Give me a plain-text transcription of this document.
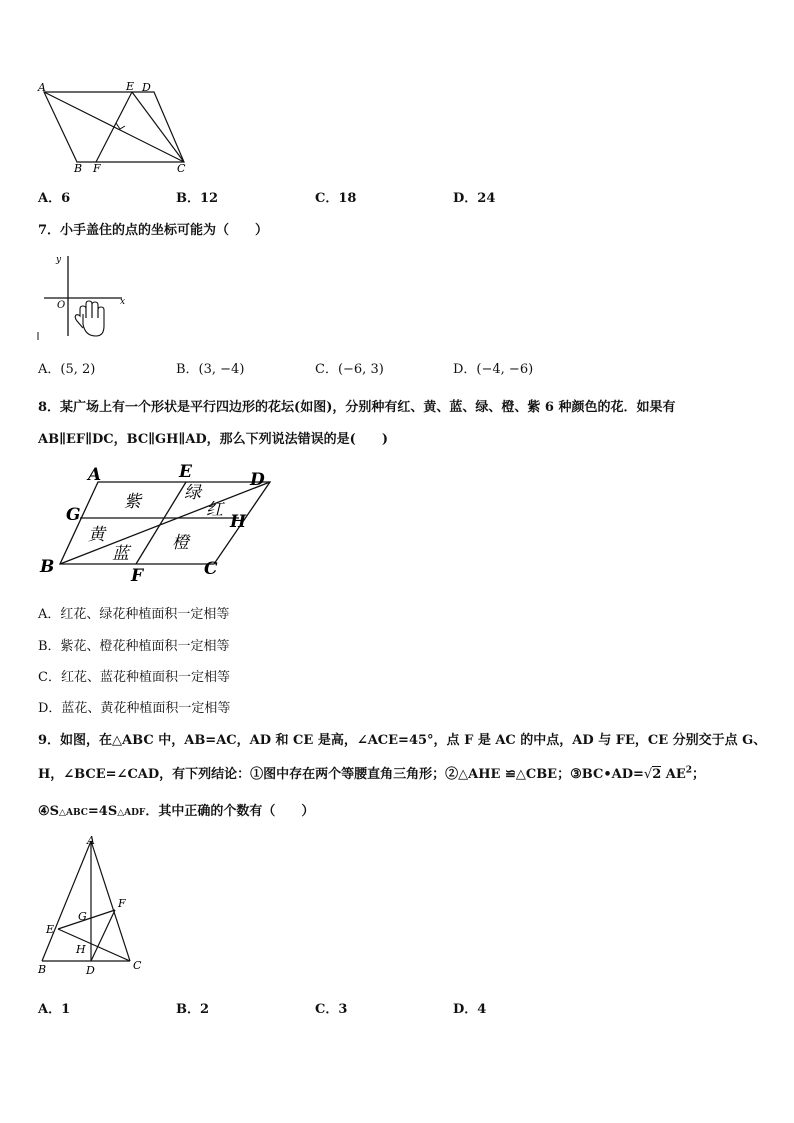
A	E D
B F	C
A．6	B．12	C．18	D．24
7．小手盖住的点的坐标可能为（　　）
y
x
O
A．(5, 2)	B．(3, −4)	C．(−6, 3)	D．(−4, −6)
8．某广场上有一个形状是平行四边形的花坛(如图)，分别种有红、黄、蓝、绿、橙、紫 6 种颜色的花．如果有
AB∥EF∥DC，BC∥GH∥AD，那么下列说法错误的是(　　)
A	E	D
G	H
B	F	C
紫	绿
红
黄
蓝
橙
A．红花、绿花种植面积一定相等
B．紫花、橙花种植面积一定相等
C．红花、蓝花种植面积一定相等
D．蓝花、黄花种植面积一定相等
9．如图，在△ABC 中，AB=AC，AD 和 CE 是高，∠ACE=45°，点 F 是 AC 的中点，AD 与 FE，CE 分别交于点 G、
H，∠BCE=∠CAD，有下列结论：①图中存在两个等腰直角三角形；②△AHE ≌△CBE；③BC•AD=√2 $AE^2$；
④S△ABC=4S△ADF．其中正确的个数有（　　）
A
F
G
E
H
B	D	C
A．1	B．2	C．3	D．4
